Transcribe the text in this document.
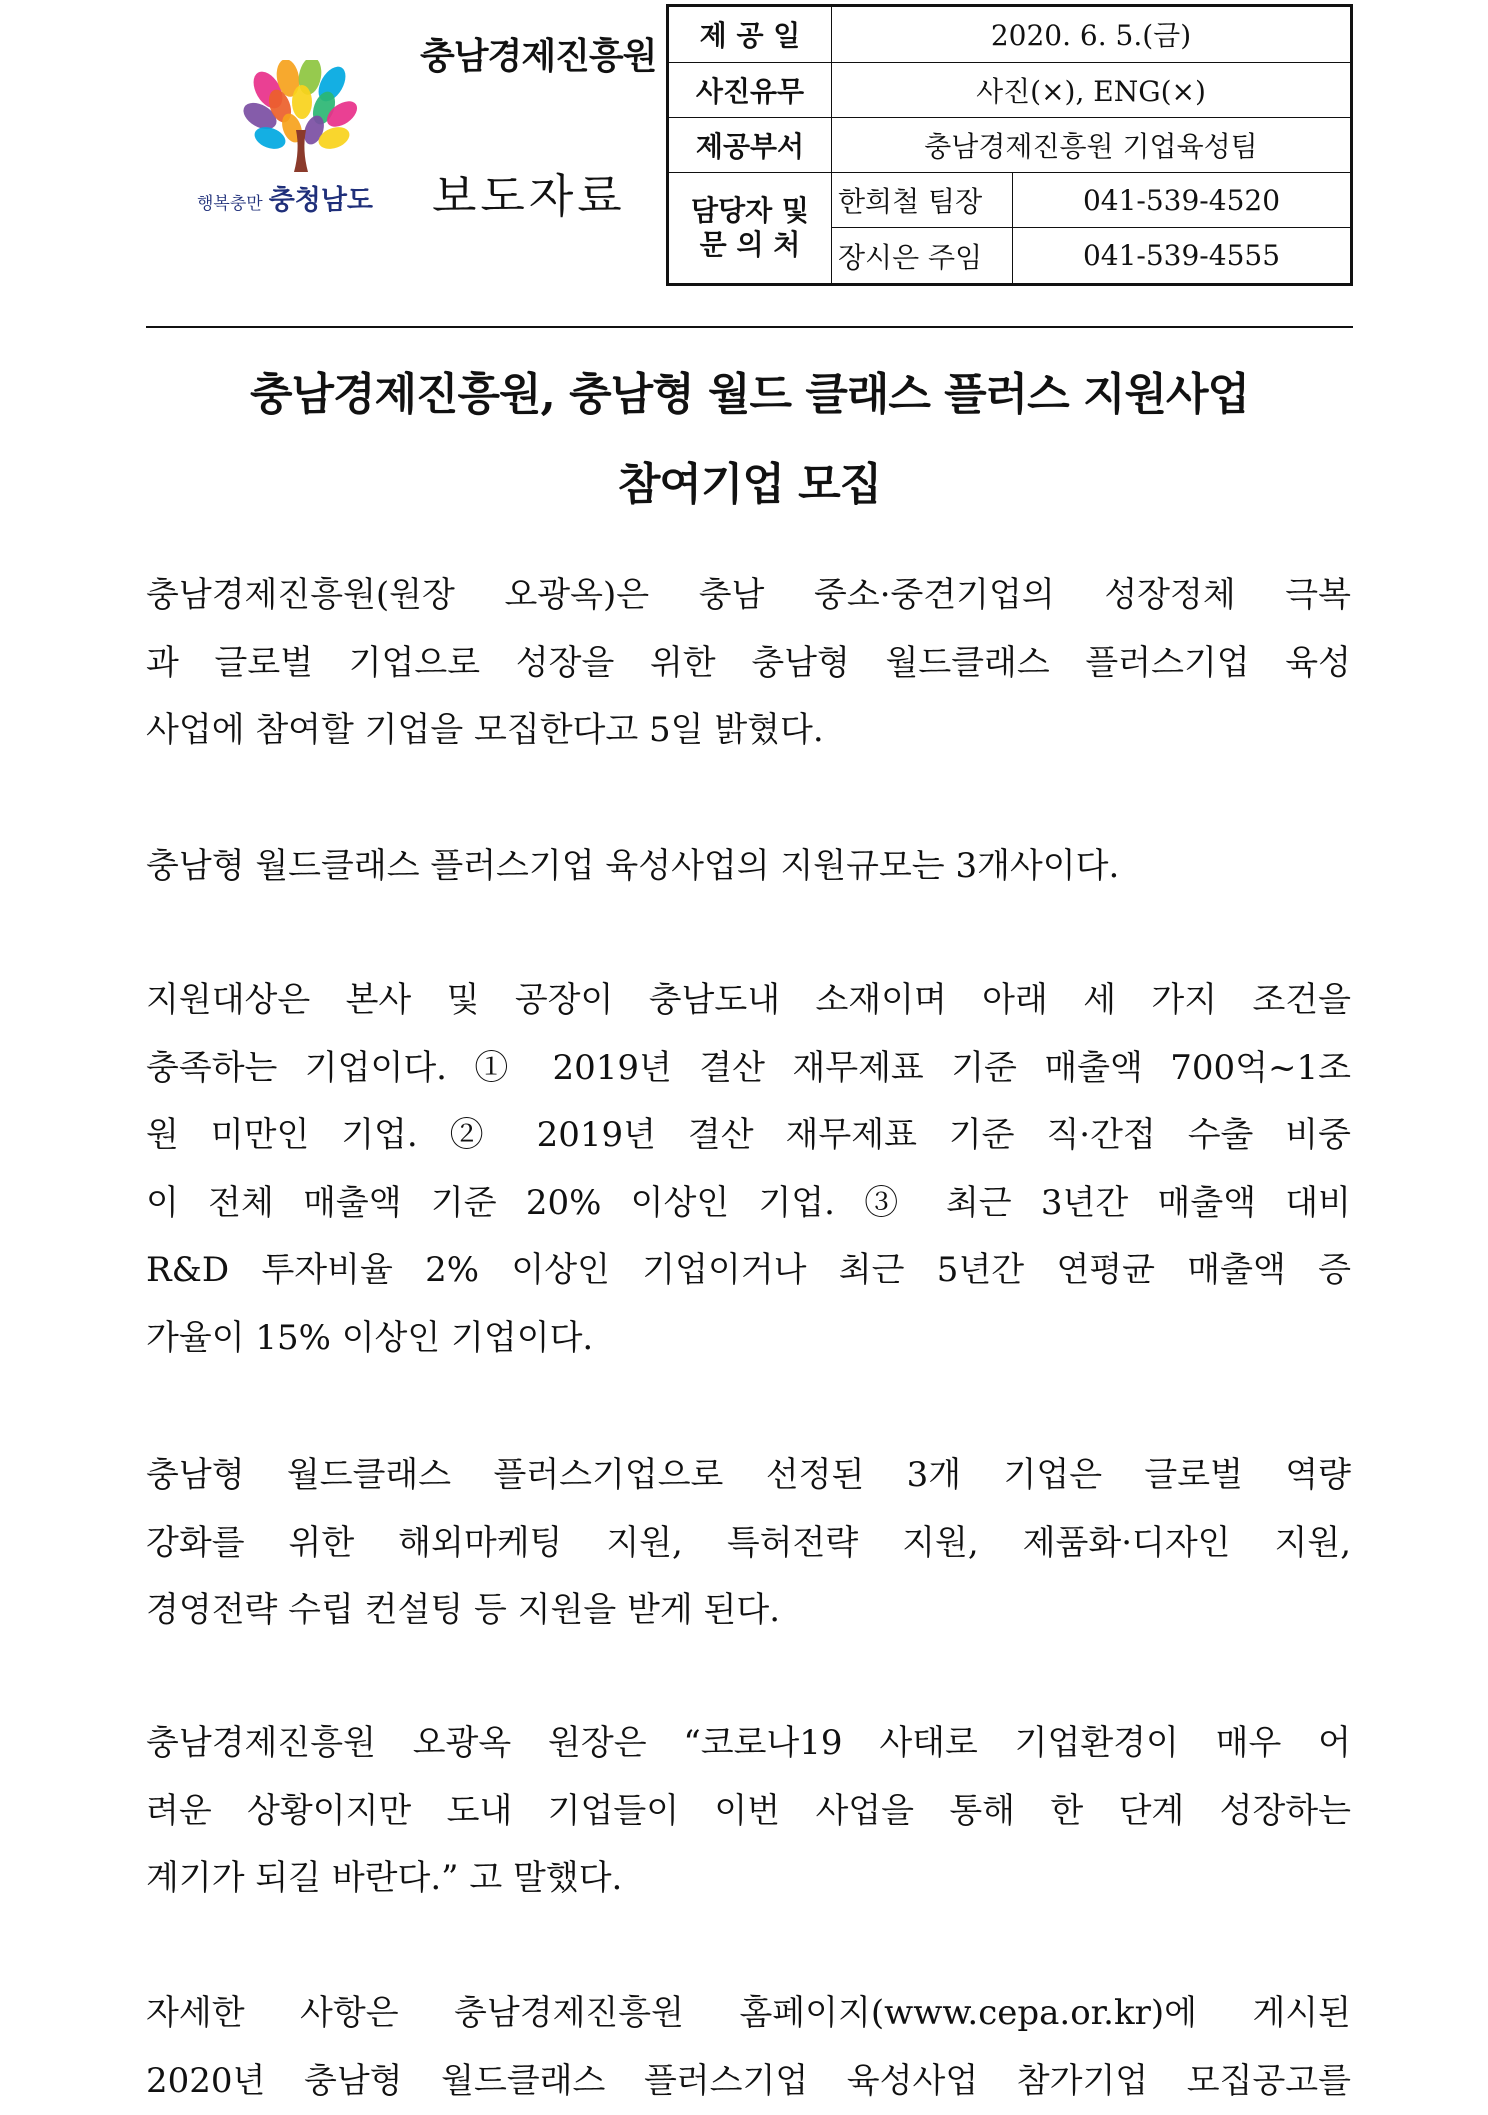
행복충만 충청남도
충남경제진흥원
보도자료
제 공 일	2020. 6. 5.(금)	
사진유무	사진(×), ENG(×)	
제공부서	충남경제진흥원 기업육성팀	
담당자 및
문 의 처	한희철 팀장	041-539-4520
	장시은 주임	041-539-4555
충남경제진흥원, 충남형 월드 클래스 플러스 지원사업
참여기업 모집

충남경제진흥원(원장 오광옥)은 충남 중소·중견기업의 성장정체 극복
과 글로벌 기업으로 성장을 위한 충남형 월드클래스 플러스기업 육성
사업에 참여할 기업을 모집한다고 5일 밝혔다.

충남형 월드클래스 플러스기업 육성사업의 지원규모는 3개사이다.

지원대상은 본사 및 공장이 충남도내 소재이며 아래 세 가지 조건을
충족하는 기업이다. ① 2019년 결산 재무제표 기준 매출액 700억~1조
원 미만인 기업. ② 2019년 결산 재무제표 기준 직·간접 수출 비중
이 전체 매출액 기준 20% 이상인 기업. ③ 최근 3년간 매출액 대비
R&D 투자비율 2% 이상인 기업이거나 최근 5년간 연평균 매출액 증
가율이 15% 이상인 기업이다.

충남형 월드클래스 플러스기업으로 선정된 3개 기업은 글로벌 역량
강화를 위한 해외마케팅 지원, 특허전략 지원, 제품화·디자인 지원,
경영전략 수립 컨설팅 등 지원을 받게 된다.

충남경제진흥원 오광옥 원장은 “코로나19 사태로 기업환경이 매우 어
려운 상황이지만 도내 기업들이 이번 사업을 통해 한 단계 성장하는
계기가 되길 바란다.” 고 말했다.

자세한 사항은 충남경제진흥원 홈페이지(www.cepa.or.kr)에 게시된
2020년 충남형 월드클래스 플러스기업 육성사업 참가기업 모집공고를
